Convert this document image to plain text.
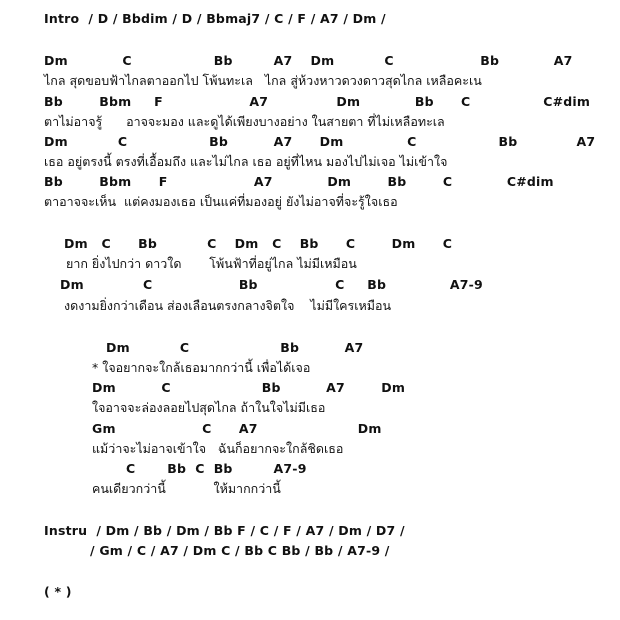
Intro  / D / Bbdim / D / Bbmaj7 / C / F / A7 / Dm /
Dm            C                  Bb         A7    Dm           C                   Bb            A7
ไกล สุดขอบฟ้าไกลตาออกไป โพ้นทะเล   ไกล สู่ห้วงหาวดวงดาวสุดไกล เหลือคะเน
Bb        Bbm     F                   A7               Dm            Bb      C                C#dim
ตาไม่อาจรู้      อาจจะมอง และดูได้เพียงบางอย่าง ในสายตา ที่ไม่เหลือทะเล
Dm           C                  Bb          A7      Dm              C                  Bb             A7
เธอ อยู่ตรงนี้ ตรงที่เอื้อมถึง และไม่ไกล เธอ อยู่ที่ไหน มองไปไม่เจอ ไม่เข้าใจ
Bb        Bbm      F                   A7            Dm        Bb        C            C#dim
ตาอาจจะเห็น  แต่คงมองเธอ เป็นแค่ที่มองอยู่ ยังไม่อาจที่จะรู้ใจเธอ
Dm   C      Bb           C    Dm   C    Bb      C        Dm      C
ยาก ยิ่งไปกว่า ดาวใด       โพ้นฟ้าที่อยู่ไกล ไม่มีเหมือน
Dm             C                   Bb                 C     Bb              A7-9
งดงามยิ่งกว่าเดือน ส่องเลือนตรงกลางจิตใจ    ไม่มีใครเหมือน
Dm           C                    Bb          A7
* ใจอยากจะใกล้เธอมากกว่านี้ เพื่อได้เจอ
Dm          C                    Bb          A7        Dm
ใจอาจจะล่องลอยไปสุดไกล ถ้าในใจไม่มีเธอ
Gm                   C      A7                      Dm
แม้ว่าจะไม่อาจเข้าใจ   ฉันก็อยากจะใกล้ชิดเธอ
C       Bb  C  Bb         A7-9
คนเดียวกว่านี้            ให้มากกว่านี้
Instru  / Dm / Bb / Dm / Bb F / C / F / A7 / Dm / D7 /
/ Gm / C / A7 / Dm C / Bb C Bb / Bb / A7-9 /
( * )
